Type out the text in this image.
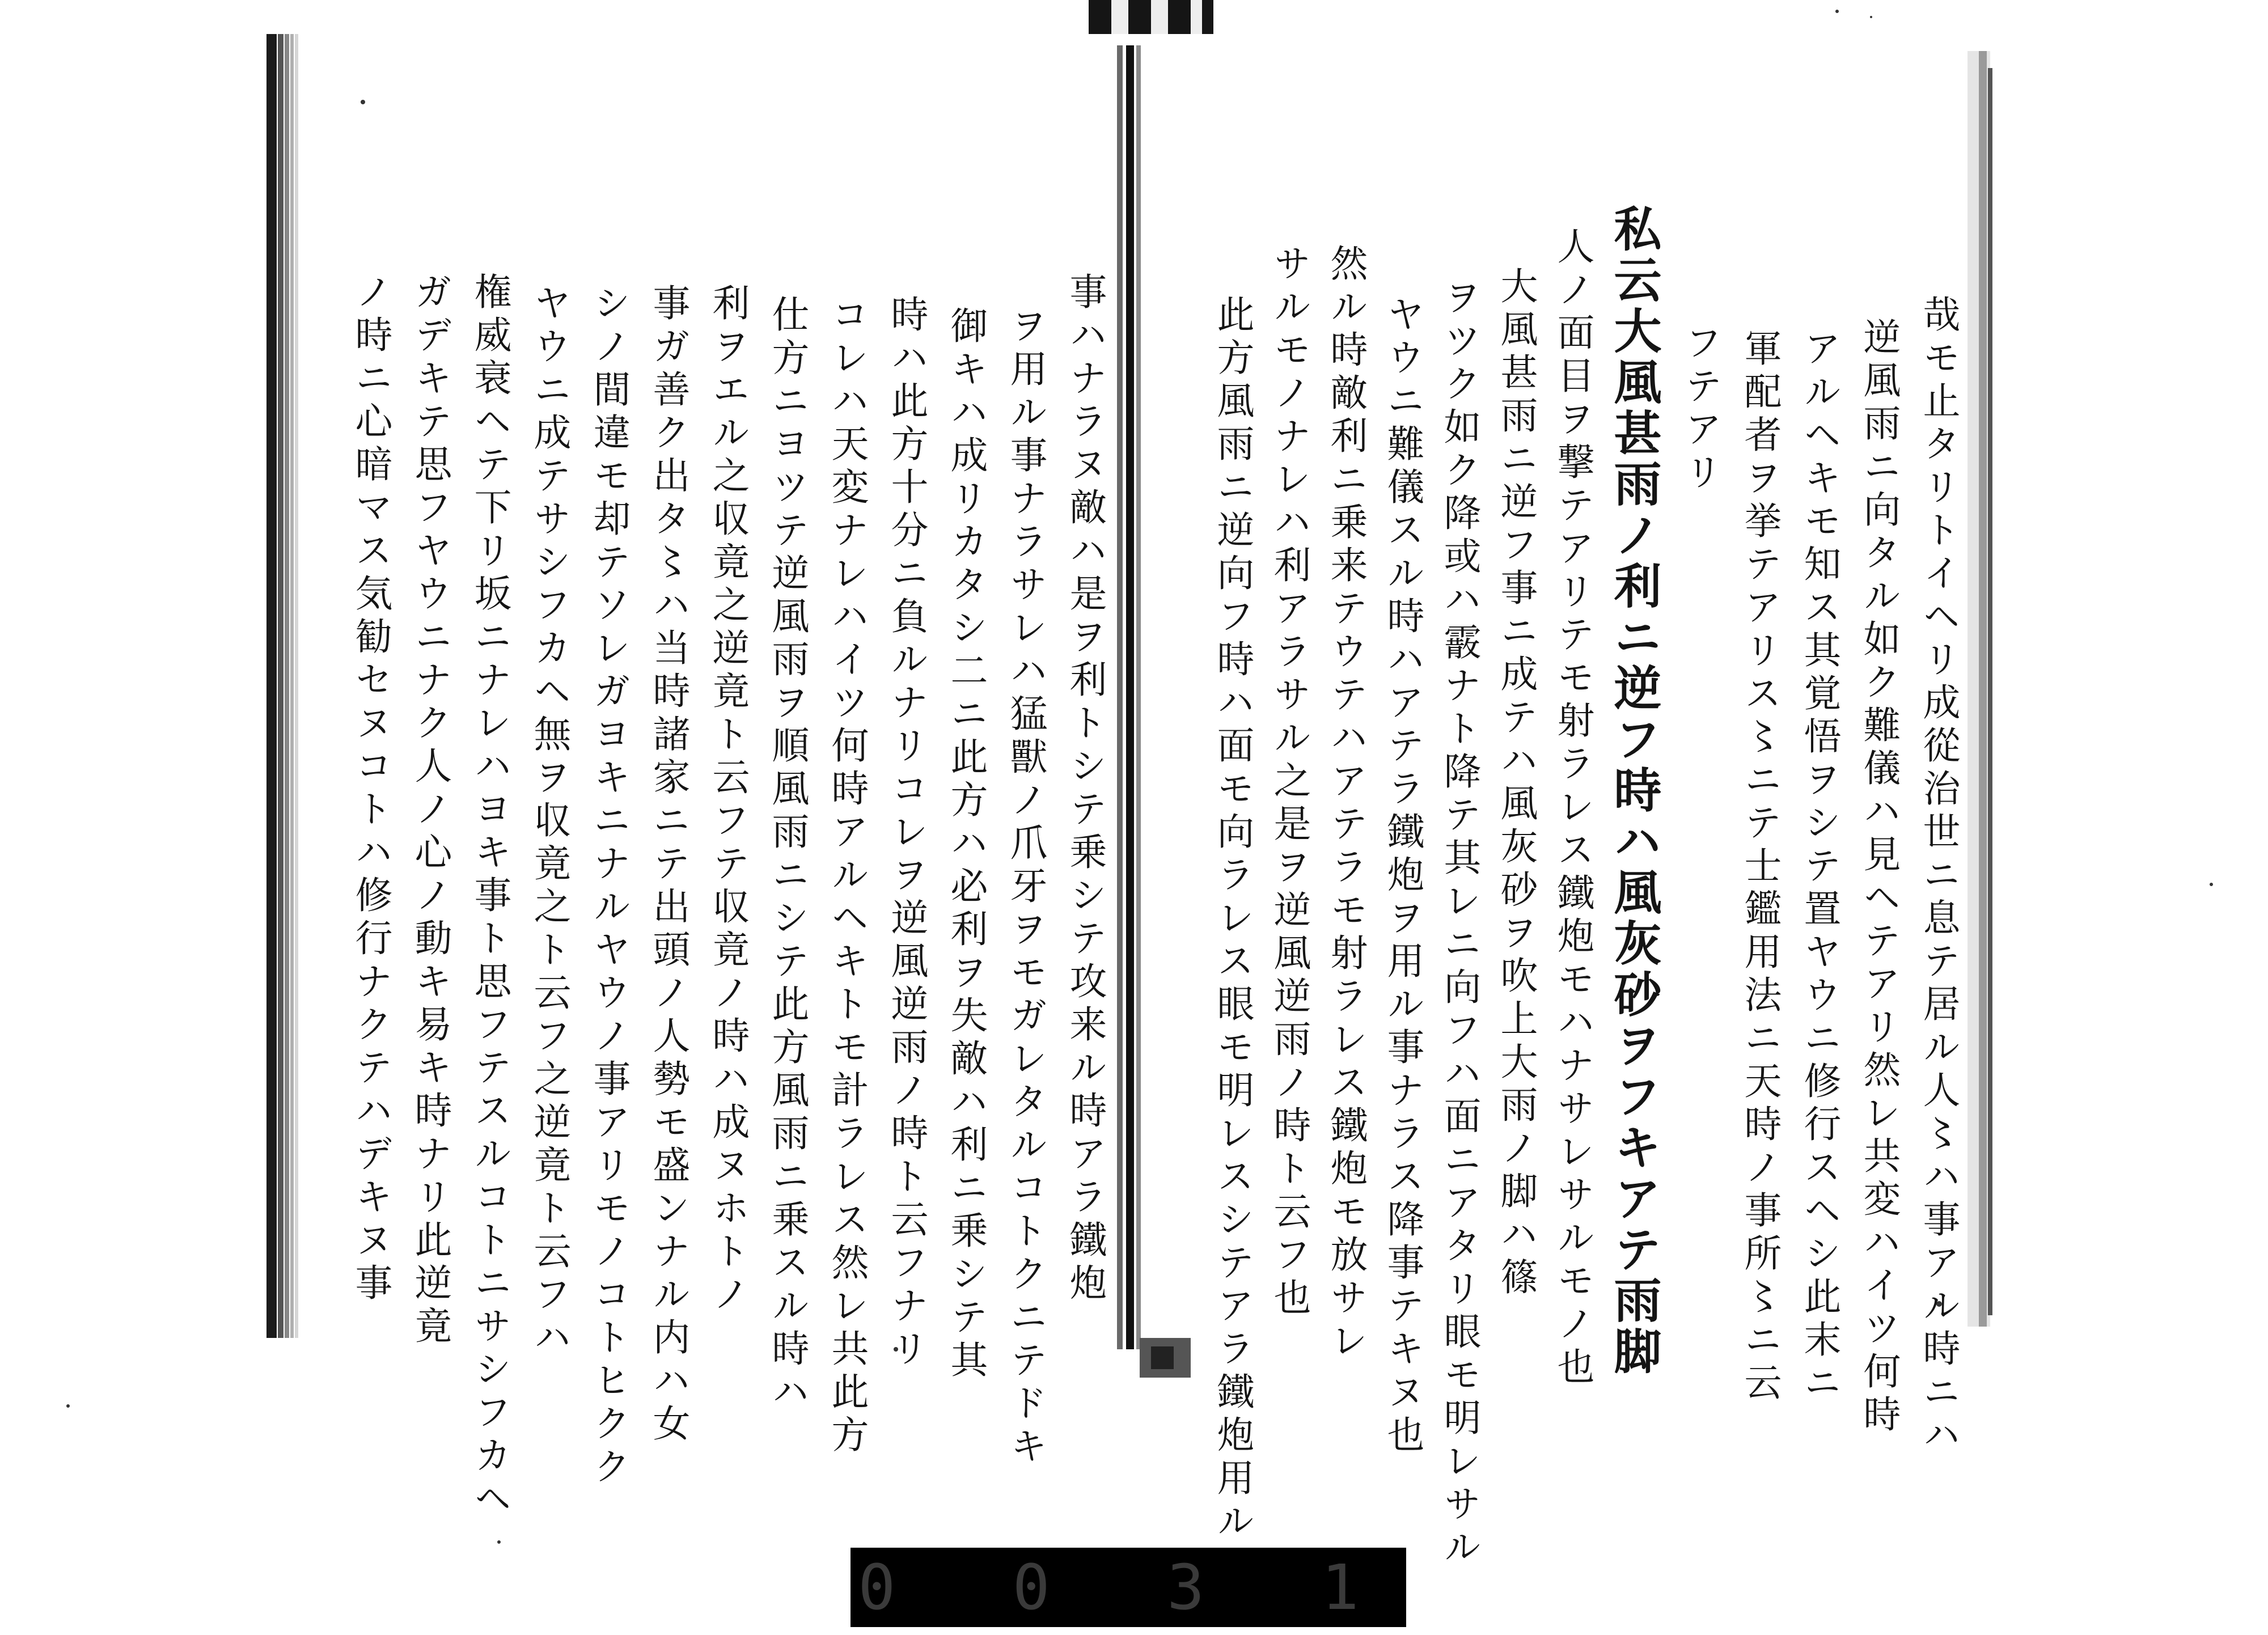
哉モ止タリトイヘリ成從治世ニ息テ居ル人〻ハ事アル時ニハ
逆風雨ニ向タル如ク難儀ハ見ヘテアリ然レ共変ハイツ何時
アルヘキモ知ス其覚悟ヲシテ置ヤウニ修行スヘシ此末ニ
軍配者ヲ挙テアリス〻ニテ士鑑用法ニ天時ノ事所〻ニ云
フテアリ
私云大風甚雨ノ利ニ逆フ時ハ風灰砂ヲフキアテ雨脚
人ノ面目ヲ撃テアリテモ射ラレス鐵炮モハナサレサルモノ也
大風甚雨ニ逆フ事ニ成テハ風灰砂ヲ吹上大雨ノ脚ハ篠
ヲツク如ク降或ハ霰ナト降テ其レニ向フハ面ニアタリ眼モ明レサル
ヤウニ難儀スル時ハアテラ鐵炮ヲ用ル事ナラス降事テキヌ也
然ル時敵利ニ乗来テウテハアテラモ射ラレス鐵炮モ放サレ
サルモノナレハ利アラサル之是ヲ逆風逆雨ノ時ト云フ也
此方風雨ニ逆向フ時ハ面モ向ラレス眼モ明レスシテアラ鐵炮用ル
事ハナラヌ敵ハ是ヲ利トシテ乗シテ攻来ル時アラ鐵炮
ヲ用ル事ナラサレハ猛獸ノ爪牙ヲモガレタルコトクニテドキ
御キハ成リカタシ二ニ此方ハ必利ヲ失敵ハ利ニ乗シテ其
時ハ此方十分ニ負ルナリコレヲ逆風逆雨ノ時ト云フナリ
コレハ天変ナレハイツ何時アルヘキトモ計ラレス然レ共此方
仕方ニヨツテ逆風雨ヲ順風雨ニシテ此方風雨ニ乗スル時ハ
利ヲエル之収竟之逆竟ト云フテ収竟ノ時ハ成ヌホトノ
事ガ善ク出タ〻ハ当時諸家ニテ出頭ノ人勢モ盛ンナル内ハ女
シノ間違モ却テソレガヨキニナルヤウノ事アリモノコトヒクク
ヤウニ成テサシフカヘ無ヲ収竟之ト云フ之逆竟ト云フハ
権威衰ヘテ下リ坂ニナレハヨキ事ト思フテスルコトニサシフカヘ
ガデキテ思フヤウニナク人ノ心ノ動キ易キ時ナリ此逆竟
ノ時ニ心暗マス気勧セヌコトハ修行ナクテハデキヌ事
0 0 3 1
